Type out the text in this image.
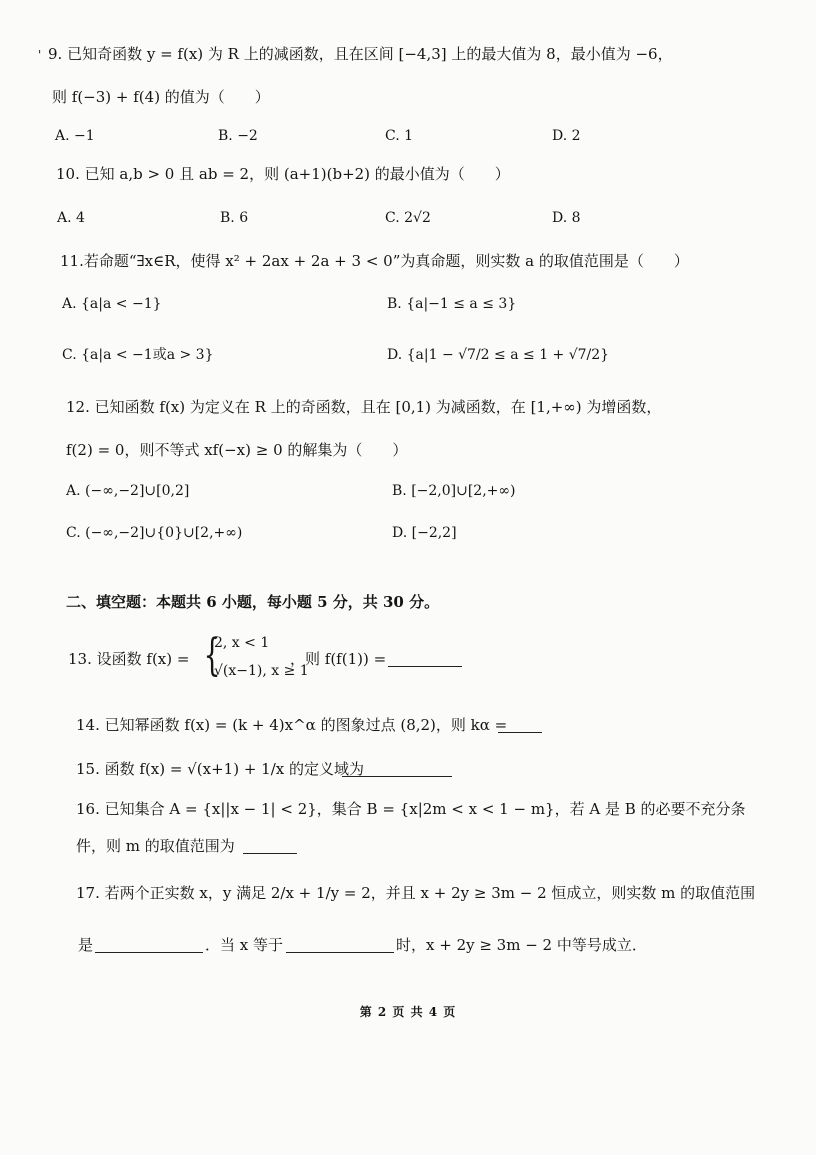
' 9. 已知奇函数 y = f(x) 为 R 上的减函数，且在区间 [−4,3] 上的最大值为 8，最小值为 −6，
则 f(−3) + f(4) 的值为（　　）
A. −1	B. −2	C. 1	D. 2
10. 已知 a,b > 0 且 ab = 2，则 (a+1)(b+2) 的最小值为（　　）
A. 4	B. 6	C. 2√2	D. 8
11.若命题“∃x∈R，使得 x² + 2ax + 2a + 3 < 0”为真命题，则实数 a 的取值范围是（　　）
A. {a|a < −1}	B. {a|−1 ≤ a ≤ 3}
C. {a|a < −1或a > 3}	D. {a|1 − √7/2 ≤ a ≤ 1 + √7/2}
12. 已知函数 f(x) 为定义在 R 上的奇函数，且在 [0,1) 为减函数，在 [1,+∞) 为增函数，
f(2) = 0，则不等式 xf(−x) ≥ 0 的解集为（　　）
A. (−∞,−2]∪[0,2]	B. [−2,0]∪[2,+∞)
C. (−∞,−2]∪{0}∪[2,+∞)	D. [−2,2]
二、填空题：本题共 6 小题，每小题 5 分，共 30 分。
13. 设函数 f(x) = {
2, x < 1
√(x−1), x ≥ 1
，则 f(f(1)) =
14. 已知幂函数 f(x) = (k + 4)x^α 的图象过点 (8,2)，则 kα =
15. 函数 f(x) = √(x+1) + 1/x 的定义域为
16. 已知集合 A = {x||x − 1| < 2}，集合 B = {x|2m < x < 1 − m}，若 A 是 B 的必要不充分条
件，则 m 的取值范围为
17. 若两个正实数 x，y 满足 2/x + 1/y = 2，并且 x + 2y ≥ 3m − 2 恒成立，则实数 m 的取值范围
是	．当 x 等于	时，x + 2y ≥ 3m − 2 中等号成立．
第 2 页 共 4 页
